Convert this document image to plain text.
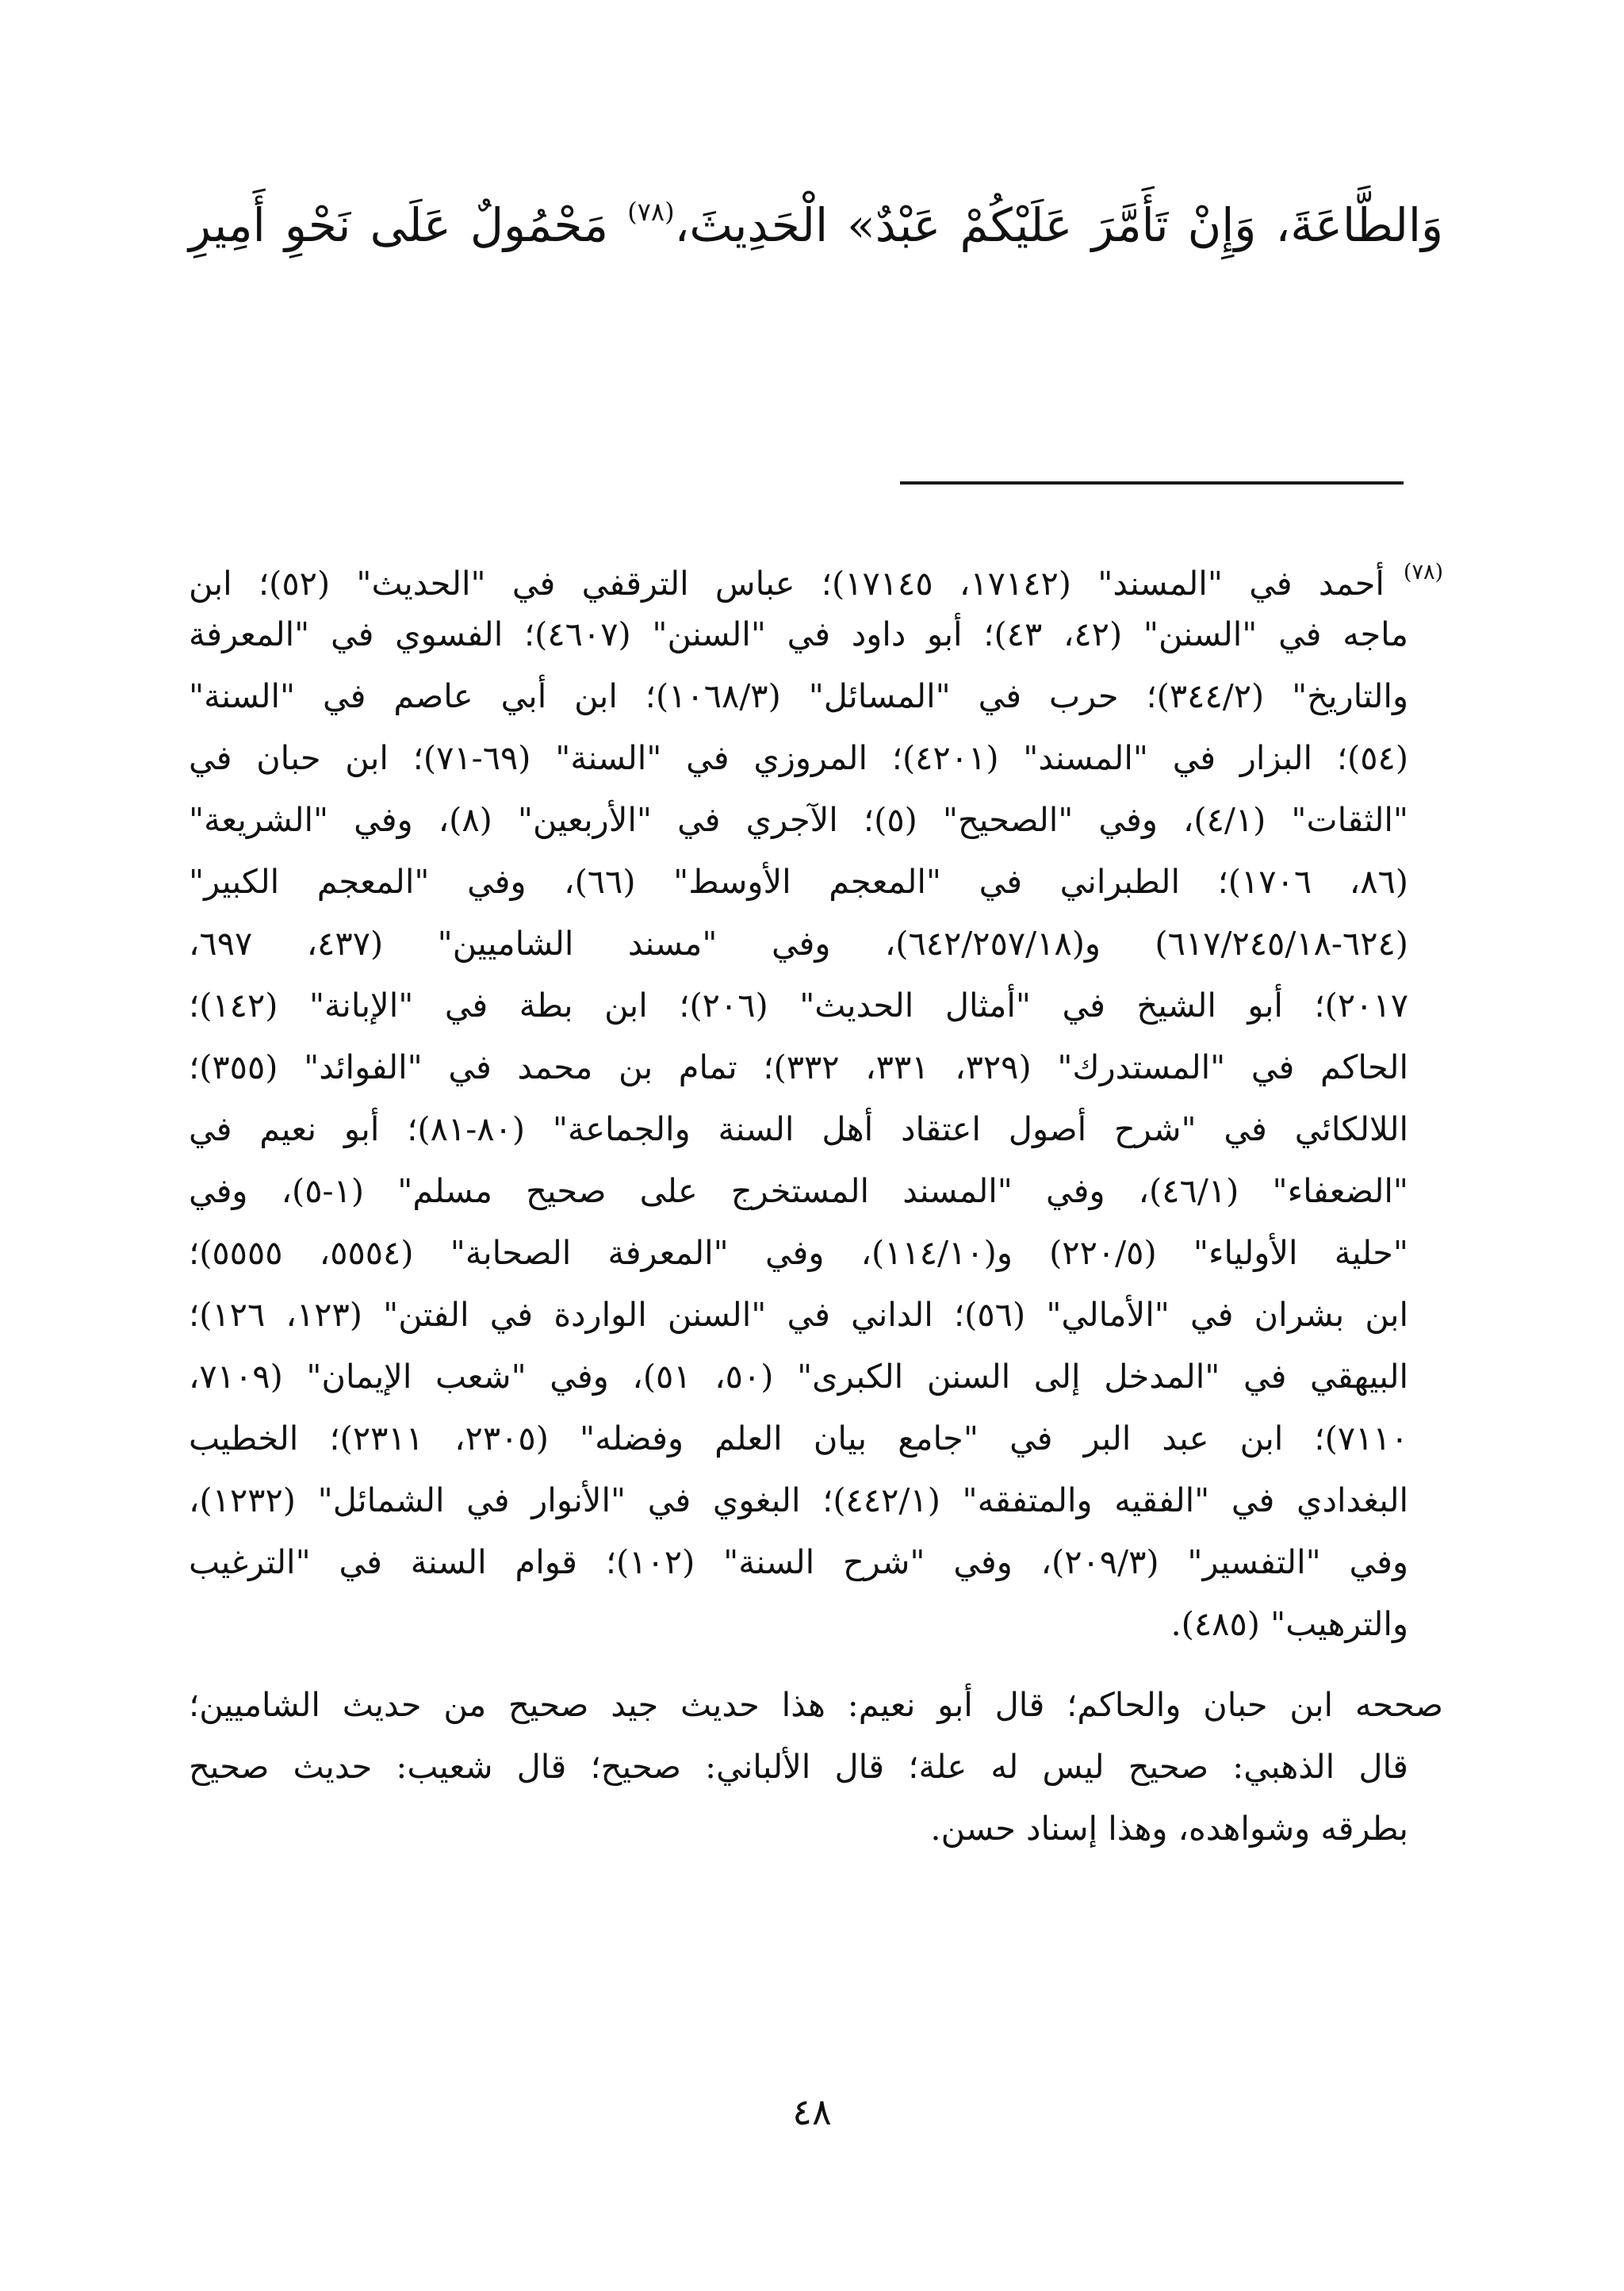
وَالطَّاعَةَ، وَإِنْ تَأَمَّرَ عَلَيْكُمْ عَبْدٌ» الْحَدِيثَ،$^{(٧٨)}$ مَحْمُولٌ عَلَى نَحْوِ أَمِيرِ
$^{(٧٨)}$أحمد في "المسند" (١٧١٤٢، ١٧١٤٥)؛ عباس الترقفي في "الحديث" (٥٢)؛ ابن
ماجه في "السنن" (٤٢، ٤٣)؛ أبو داود في "السنن" (٤٦٠٧)؛ الفسوي في "المعرفة
والتاريخ" (٣٤٤/٢)؛ حرب في "المسائل" (١٠٦٨/٣)؛ ابن أبي عاصم في "السنة"
(٥٤)؛ البزار في "المسند" (٤٢٠١)؛ المروزي في "السنة" (٦٩-٧١)؛ ابن حبان في
"الثقات" (٤/١)، وفي "الصحيح" (٥)؛ الآجري في "الأربعين" (٨)، وفي "الشريعة"
(٨٦، ١٧٠٦)؛ الطبراني في "المعجم الأوسط" (٦٦)، وفي "المعجم الكبير"
(٦٢٤-٦١٧/٢٤٥/١٨) و(٦٤٢/٢٥٧/١٨)، وفي "مسند الشاميين" (٤٣٧، ٦٩٧،
٢٠١٧)؛ أبو الشيخ في "أمثال الحديث" (٢٠٦)؛ ابن بطة في "الإبانة" (١٤٢)؛
الحاكم في "المستدرك" (٣٢٩، ٣٣١، ٣٣٢)؛ تمام بن محمد في "الفوائد" (٣٥٥)؛
اللالكائي في "شرح أصول اعتقاد أهل السنة والجماعة" (٨٠-٨١)؛ أبو نعيم في
"الضعفاء" (٤٦/١)، وفي "المسند المستخرج على صحيح مسلم" (١-٥)، وفي
"حلية الأولياء" (٢٢٠/٥) و(١١٤/١٠)، وفي "المعرفة الصحابة" (٥٥٥٤، ٥٥٥٥)؛
ابن بشران في "الأمالي" (٥٦)؛ الداني في "السنن الواردة في الفتن" (١٢٣، ١٢٦)؛
البيهقي في "المدخل إلى السنن الكبرى" (٥٠، ٥١)، وفي "شعب الإيمان" (٧١٠٩،
٧١١٠)؛ ابن عبد البر في "جامع بيان العلم وفضله" (٢٣٠٥، ٢٣١١)؛ الخطيب
البغدادي في "الفقيه والمتفقه" (٤٤٢/١)؛ البغوي في "الأنوار في الشمائل" (١٢٣٢)،
وفي "التفسير" (٢٠٩/٣)، وفي "شرح السنة" (١٠٢)؛ قوام السنة في "الترغيب
والترهيب" (٤٨٥).
صححه ابن حبان والحاكم؛ قال أبو نعيم: هذا حديث جيد صحيح من حديث الشاميين؛
قال الذهبي: صحيح ليس له علة؛ قال الألباني: صحيح؛ قال شعيب: حديث صحيح
بطرقه وشواهده، وهذا إسناد حسن.
٤٨
